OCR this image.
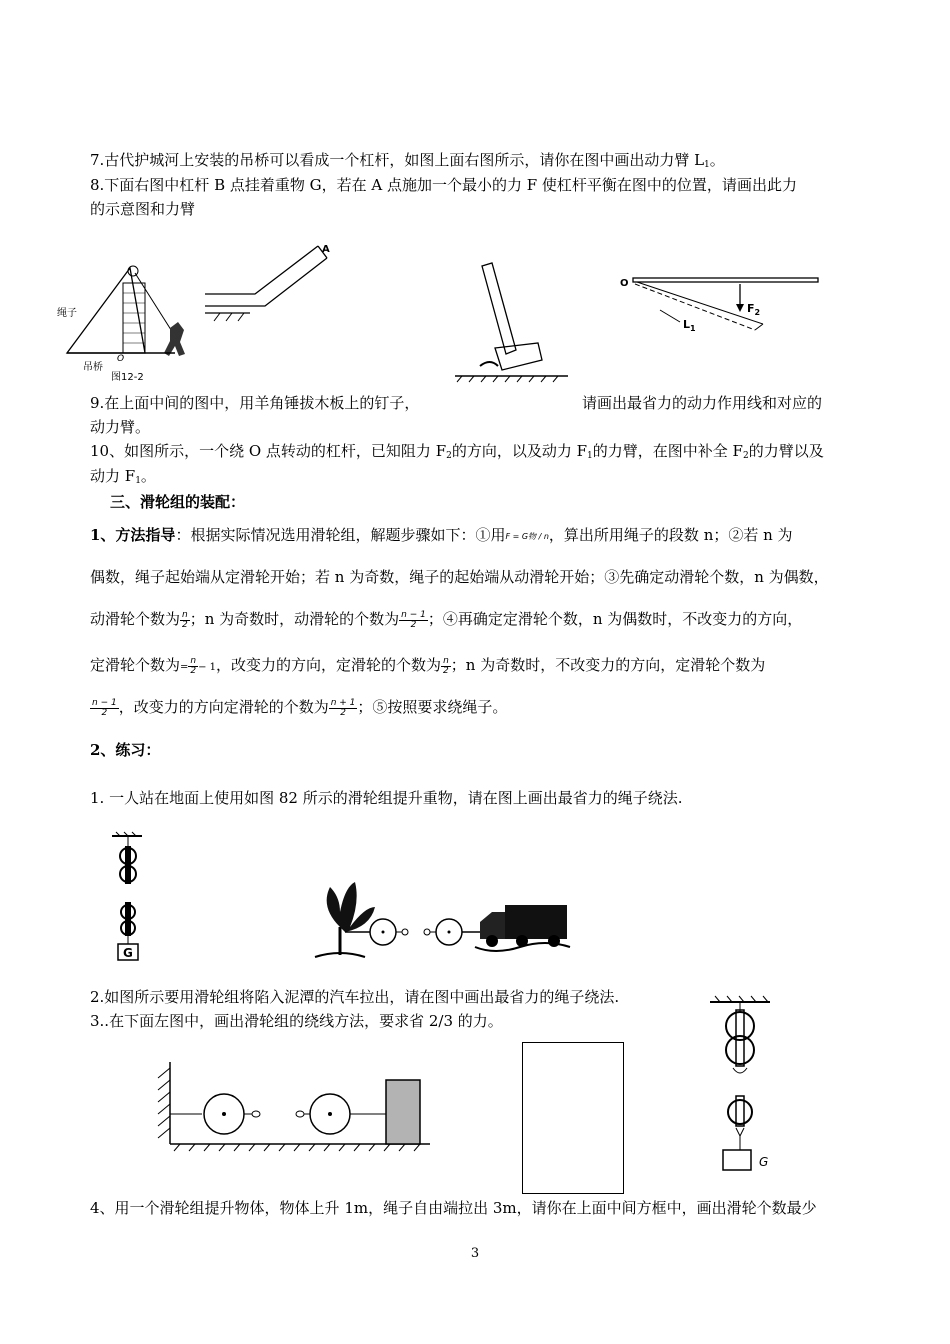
7.古代护城河上安装的吊桥可以看成一个杠杆，如图上面右图所示，请你在图中画出动力臂 $L_1$。
8.下面右图中杠杆 B 点挂着重物 G，若在 A 点施加一个最小的力 F 使杠杆平衡在图中的位置，请画出此力
的示意图和力臂
绳子
吊桥
O
图12-2
A
O
$F_2$
$L_1$
9.在上面中间的图中，用羊角锤拔木板上的钉子，	请画出最省力的动力作用线和对应的
动力臂。
10、如图所示，一个绕 O 点转动的杠杆，已知阻力 $F_2$的方向，以及动力 $F_1$的力臂，在图中补全 $F_2$的力臂以及
动力 $F_1$。
三、滑轮组的装配：
1、方法指导：根据实际情况选用滑轮组，解题步骤如下：①用F = G物 / n，算出所用绳子的段数 n；②若 n 为
偶数，绳子起始端从定滑轮开始；若 n 为奇数，绳子的起始端从动滑轮开始；③先确定动滑轮个数，n 为偶数，
动滑轮个数为 $\frac{n}{2}$ ；n 为奇数时，动滑轮的个数为 $\frac{n - 1}{2}$ ；④再确定定滑轮个数，n 为偶数时，不改变力的方向，
定滑轮个数为= $\frac{n}{2} - 1$，改变力的方向，定滑轮的个数为 $\frac{n}{2}$ ；n 为奇数时，不改变力的方向，定滑轮个数为
$\frac{n - 1}{2}$ ，改变力的方向定滑轮的个数为 $\frac{n + 1}{2}$ ；⑤按照要求绕绳子。
2、练习：
1. 一人站在地面上使用如图 82 所示的滑轮组提升重物，请在图上画出最省力的绳子绕法.
G
2.如图所示要用滑轮组将陷入泥潭的汽车拉出，请在图中画出最省力的绳子绕法.
3..在下面左图中，画出滑轮组的绕线方法，要求省 2/3 的力。
G
4、用一个滑轮组提升物体，物体上升 1m，绳子自由端拉出 3m，请你在上面中间方框中，画出滑轮个数最少
3
